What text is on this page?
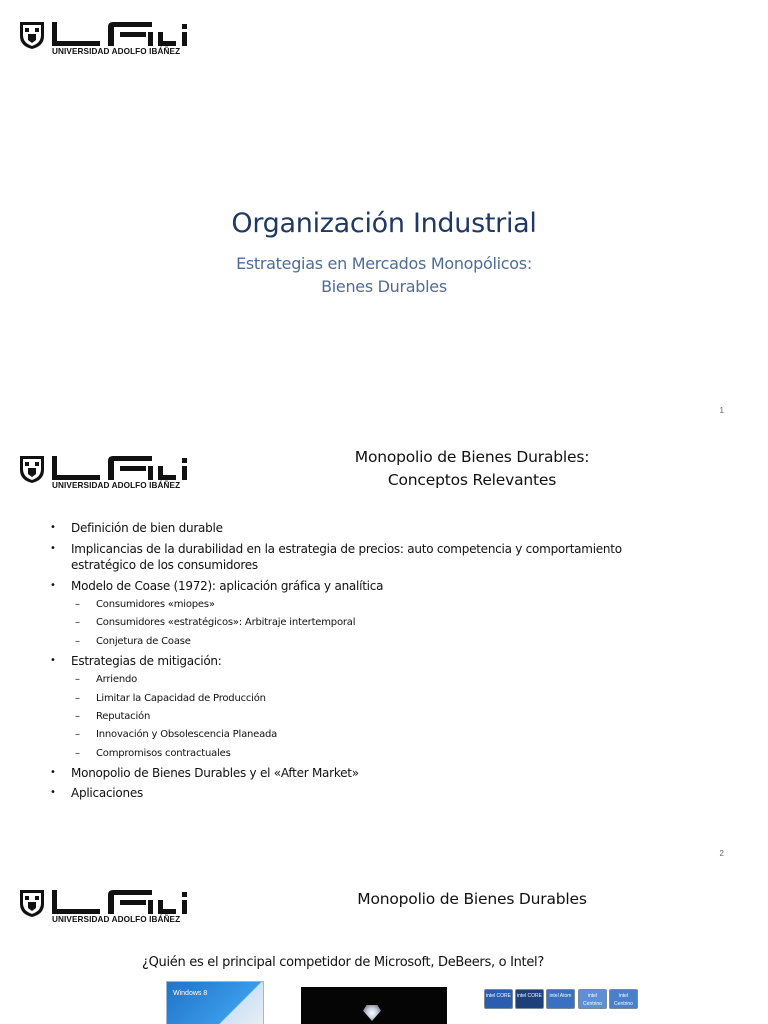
UNIVERSIDAD ADOLFO IBÁÑEZ
Organización Industrial
Estrategias en Mercados Monopólicos:
Bienes Durables
1
UNIVERSIDAD ADOLFO IBÁÑEZ
Monopolio de Bienes Durables:
Conceptos Relevantes
• Definición de bien durable
• Implicancias de la durabilidad en la estrategia de precios: auto competencia y comportamiento estratégico de los consumidores
• Modelo de Coase (1972): aplicación gráfica y analítica
– Consumidores «miopes»
– Consumidores «estratégicos»: Arbitraje intertemporal
– Conjetura de Coase
• Estrategias de mitigación:
– Arriendo
– Limitar la Capacidad de Producción
– Reputación
– Innovación y Obsolescencia Planeada
– Compromisos contractuales
• Monopolio de Bienes Durables y el «After Market»
• Aplicaciones
2
UNIVERSIDAD ADOLFO IBÁÑEZ
Monopolio de Bienes Durables
¿Quién es el principal competidor de Microsoft, DeBeers, o Intel?
Windows 8	intel CORE	intel CORE	intel Atom	intel Centrino
intel Centrino
